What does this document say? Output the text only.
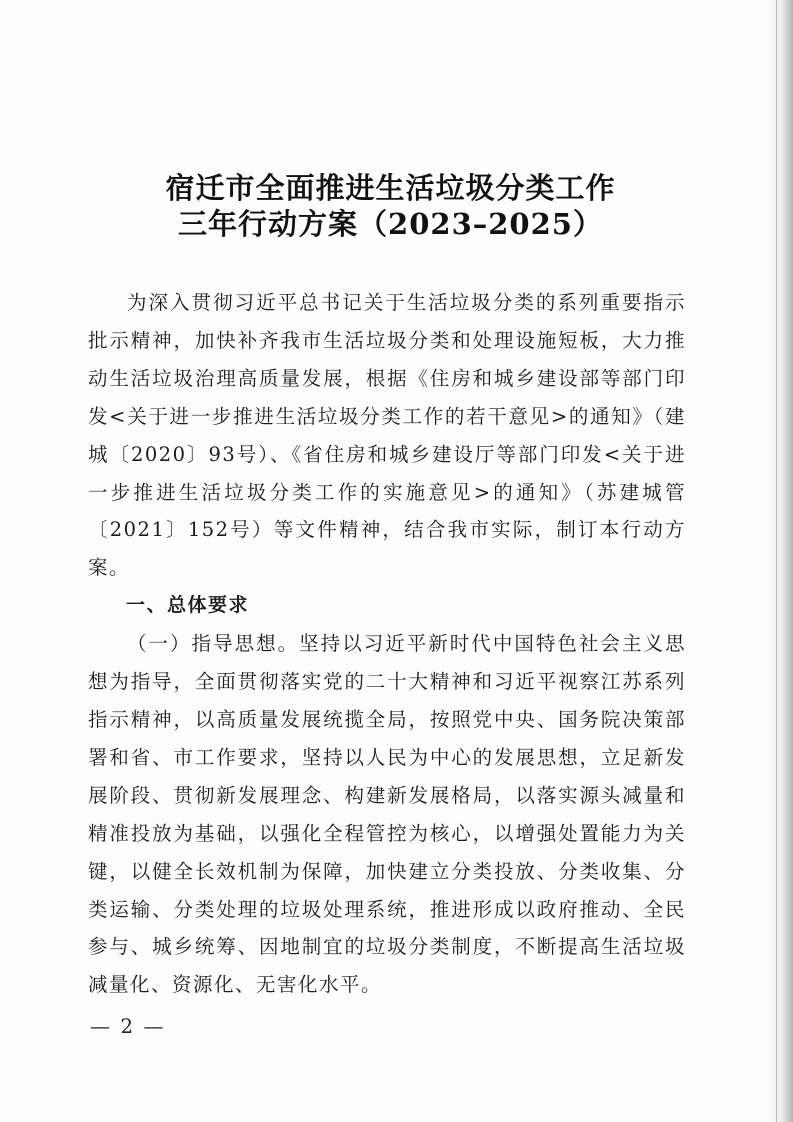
宿迁市全面推进生活垃圾分类工作
三年行动方案（2023–2025）

为深入贯彻习近平总书记关于生活垃圾分类的系列重要指示批示精神，加快补齐我市生活垃圾分类和处理设施短板，大力推动生活垃圾治理高质量发展，根据《住房和城乡建设部等部门印发<关于进一步推进生活垃圾分类工作的若干意见>的通知》（建城〔2020〕93号）、《省住房和城乡建设厅等部门印发<关于进一步推进生活垃圾分类工作的实施意见>的通知》（苏建城管〔2021〕152号）等文件精神，结合我市实际，制订本行动方案。

一、总体要求

（一）指导思想。坚持以习近平新时代中国特色社会主义思想为指导，全面贯彻落实党的二十大精神和习近平视察江苏系列指示精神，以高质量发展统揽全局，按照党中央、国务院决策部署和省、市工作要求，坚持以人民为中心的发展思想，立足新发展阶段、贯彻新发展理念、构建新发展格局，以落实源头减量和精准投放为基础，以强化全程管控为核心，以增强处置能力为关键，以健全长效机制为保障，加快建立分类投放、分类收集、分类运输、分类处理的垃圾处理系统，推进形成以政府推动、全民参与、城乡统筹、因地制宜的垃圾分类制度，不断提高生活垃圾减量化、资源化、无害化水平。

— 2 —
